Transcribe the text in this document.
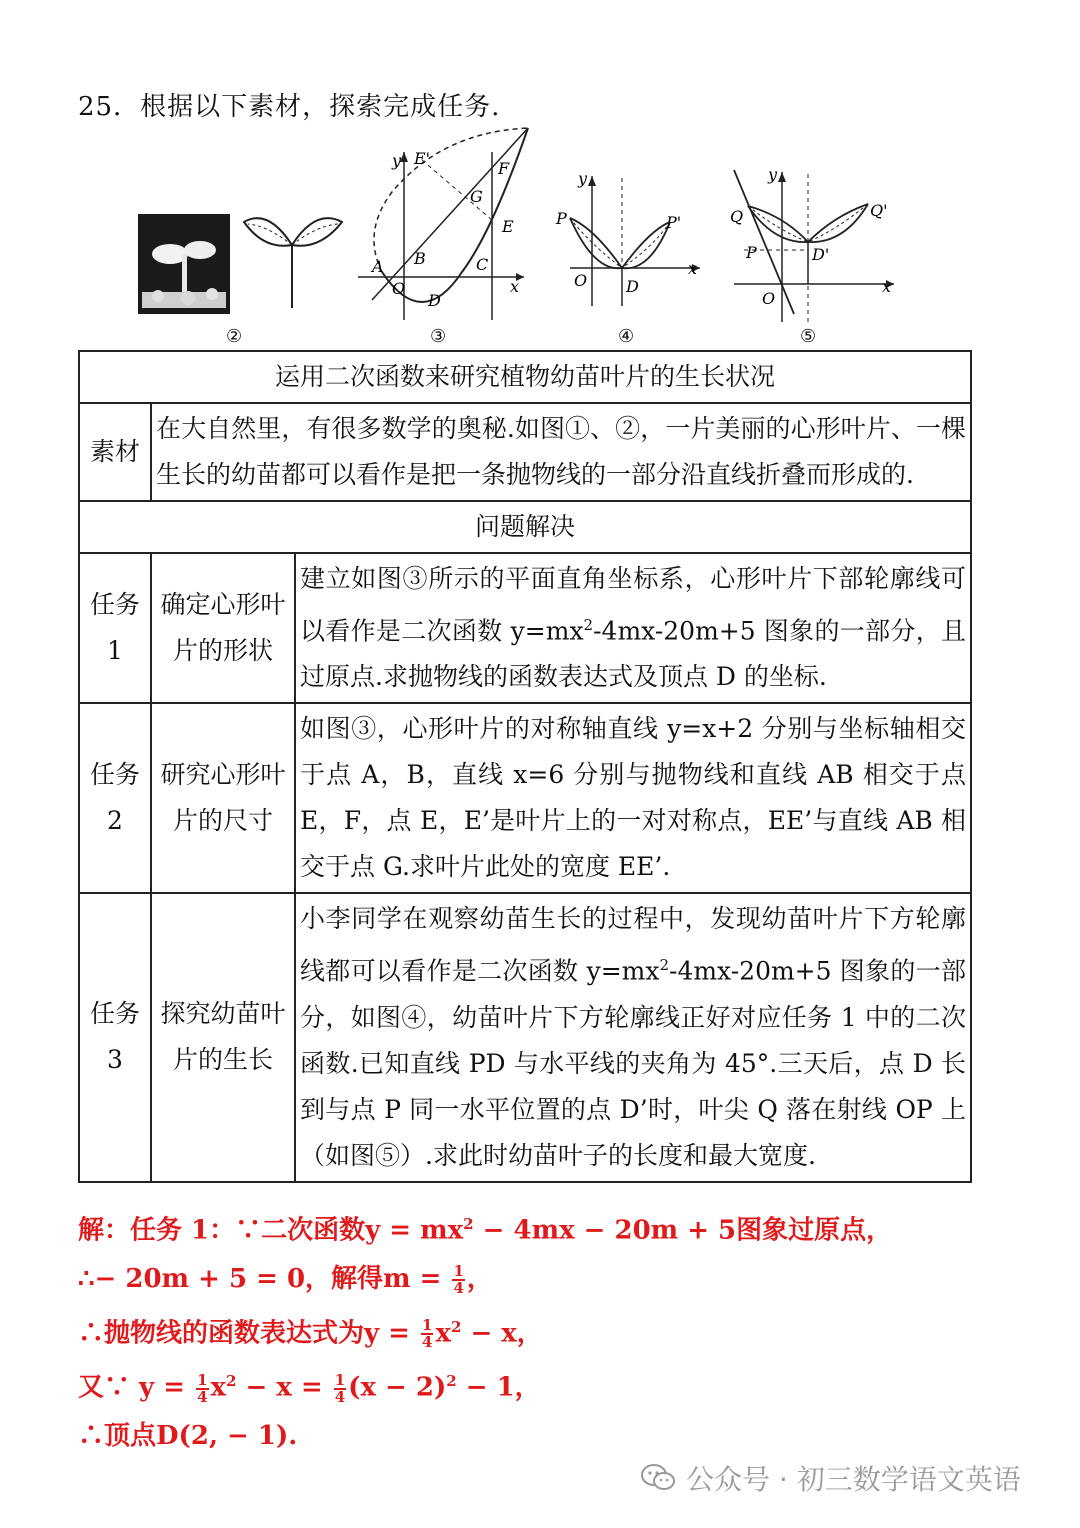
25．根据以下素材，探索完成任务.
②
y E'
F
G
E
A B	C
O
D
x
③
y
P	P'
O D
x
④
y
Q	Q'
P	D'
O
x
⑤
运用二次函数来研究植物幼苗叶片的生长状况		
素材	在大自然里，有很多数学的奥秘.如图①、②，一片美丽的心形叶片、一棵生长的幼苗都可以看作是把一条抛物线的一部分沿直线折叠而形成的.	
问题解决		

任务
1	确定心形叶片的形状	建立如图③所示的平面直角坐标系，心形叶片下部轮廓线可以看作是二次函数 $y=mx^2-4mx-20m+5$ 图象的一部分，且过原点.求抛物线的函数表达式及顶点 D 的坐标.

任务
2	研究心形叶片的尺寸	如图③，心形叶片的对称轴直线 y=x+2 分别与坐标轴相交于点 A，B，直线 x=6 分别与抛物线和直线 AB 相交于点 E，F，点 E，E’是叶片上的一对对称点，EE’与直线 AB 相交于点 G.求叶片此处的宽度 EE’.

任务
3	探究幼苗叶片的生长	小李同学在观察幼苗生长的过程中，发现幼苗叶片下方轮廓线都可以看作是二次函数 $y=mx^2-4mx-20m+5$ 图象的一部分，如图④，幼苗叶片下方轮廓线正好对应任务 1 中的二次函数.已知直线 PD 与水平线的夹角为 45°.三天后，点 D 长到与点 P 同一水平位置的点 D’时，叶尖 Q 落在射线 OP 上（如图⑤）.求此时幼苗叶子的长度和最大宽度.
解：任务 1：∵二次函数$y = mx^2 - 4mx - 20m + 5$图象过原点，
∴− 20m + 5 = 0，解得$m = \frac{1}{4}$ ，
∴抛物线的函数表达式为$y = \frac{1}{4} x^2 - x$，
又∵ $y = \frac{1}{4} x^2 - x = \frac{1}{4} (x - 2)^2 - 1$，
∴顶点D(2, − 1).
公众号 · 初三数学语文英语
